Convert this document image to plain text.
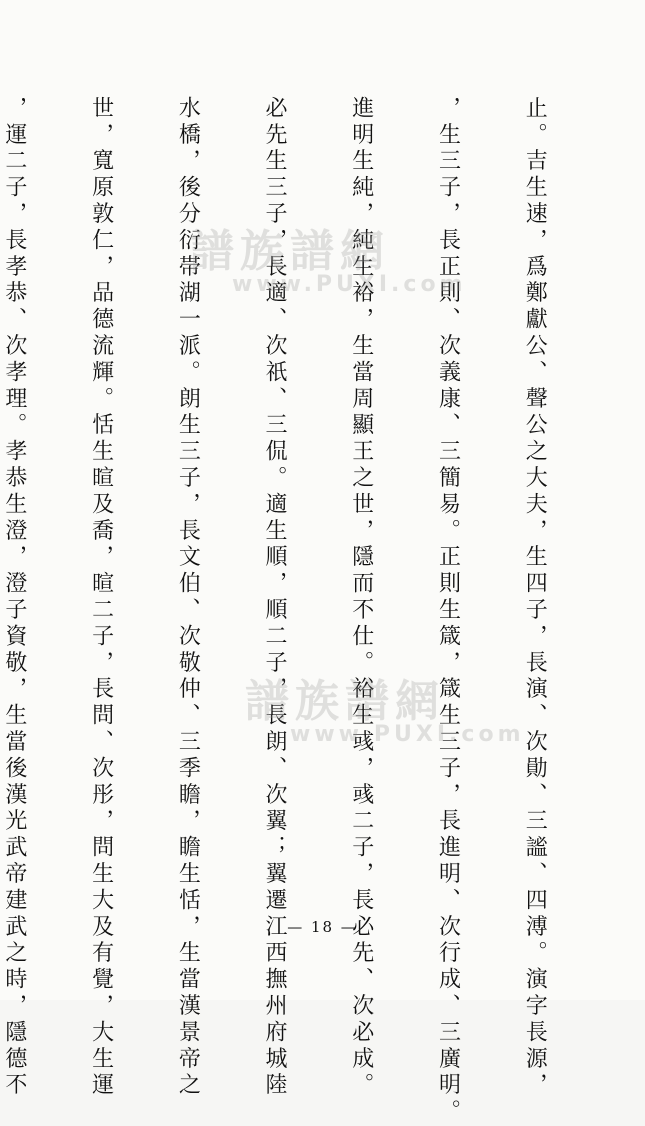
止。吉生速，爲鄭獻公、聲公之大夫，生四子，長演、次勛、三謐、四溥。演字長源，

，生三子，長正則、次義康、三簡易。正則生箴，箴生三子，長進明、次行成、三廣明。

進明生純，純生裕，生當周顯王之世，隱而不仕。裕生彧，彧二子，長必先、次必成。

必先生三子，長適、次祇、三侃。適生順，順二子，長朗、次翼；翼遷江西撫州府城陸

水橋，後分衍帯湖一派。朗生三子，長文伯、次敬仲、三季瞻，瞻生恬，生當漢景帝之

世，寬原敦仁，品德流輝。恬生暄及喬，暄二子，長問、次彤，問生大及有覺，大生運

，運二子，長孝恭、次孝理。孝恭生澄，澄子資敬，生當後漢光武帝建武之時，隱德不

	譜族譜網
www.PUXI.com
譜族譜網
www.PUXI.com
— 18 —
